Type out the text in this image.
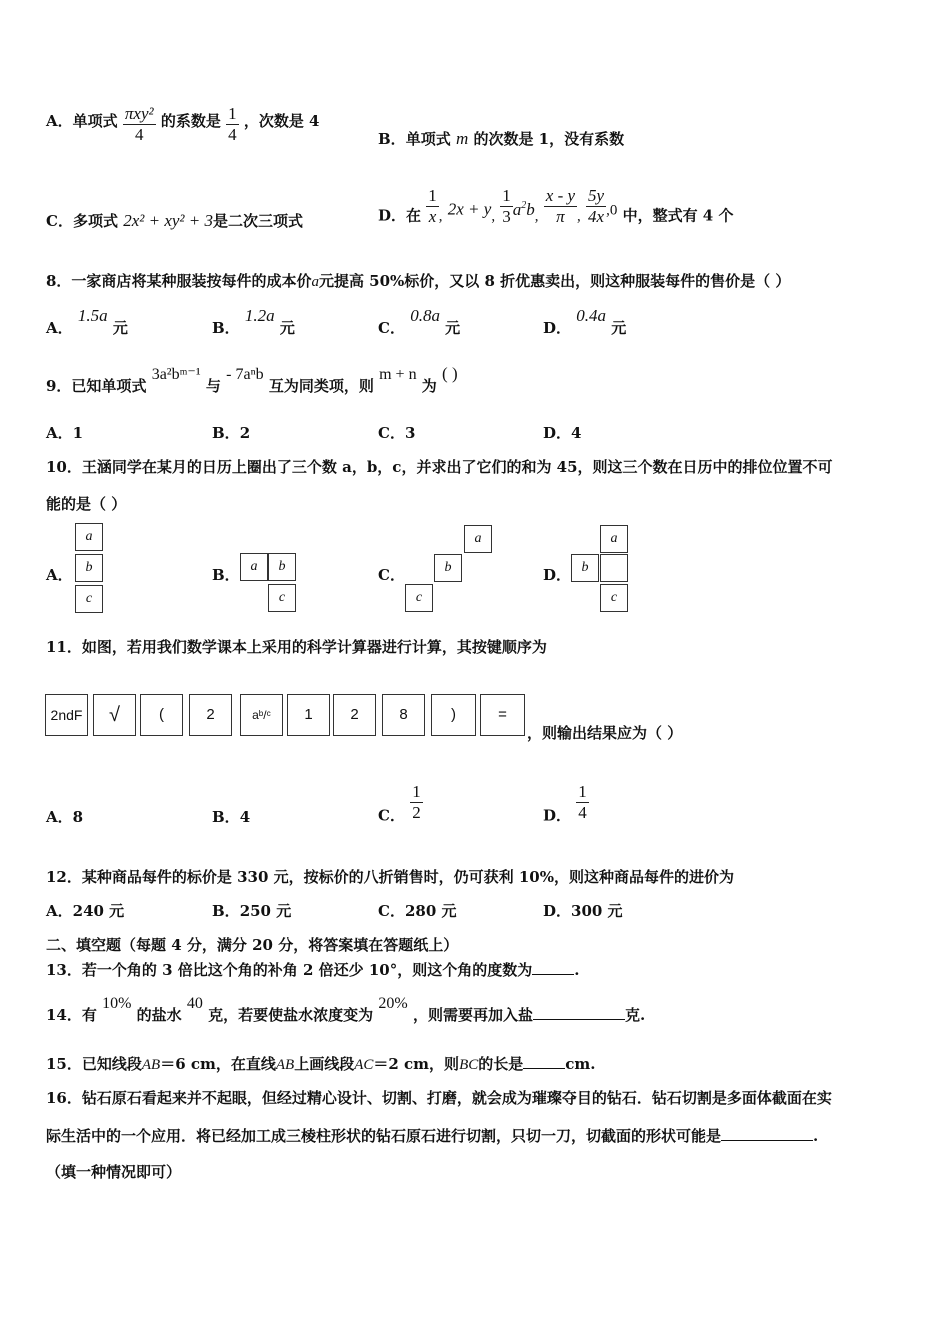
A．单项式 $\frac{\text{πxy²}}{4}$ 的系数是 $\frac{1}{4}$ ，次数是 4
B．单项式 m 的次数是 1，没有系数
C．多项式 2x² + xy² + 3是二次三项式	D．在 $\frac{1}{x}$ , 2x + y, $\frac{1}{3} a^2b$, $\frac{x - y}{\pi}$ , $\frac{5y}{4x} ,0$ 中，整式有 4 个
8．一家商店将某种服装按每件的成本价a元提高 50%标价，又以 8 折优惠卖出，则这种服装每件的售价是（ ）
A． 1.5a 元	B． 1.2a 元	C． 0.8a 元	D． 0.4a 元
9．已知单项式 3a²bᵐ⁻¹ 与 - 7aⁿb 互为同类项，则 m + n 为 ( )
A．1	B．2	C．3	D．4
10．王涵同学在某月的日历上圈出了三个数 a，b，c，并求出了它们的和为 45，则这三个数在日历中的排位位置不可
能的是（ ）
A．
a
b
c
B． a	b
c
C．
a
b
c
D．
a
b
c
11．如图，若用我们数学课本上采用的科学计算器进行计算，其按键顺序为
2ndF	√	(	2	aᵇ/ᶜ	1	2	8	)	=
，则输出结果应为（ ）
A．8	B．4	C． $\frac{1}{2}$	D． $\frac{1}{4}$
12．某种商品每件的标价是 330 元，按标价的八折销售时，仍可获利 10%，则这种商品每件的进价为
A．240 元	B．250 元	C．280 元	D．300 元
二、填空题（每题 4 分，满分 20 分，将答案填在答题纸上）
13．若一个角的 3 倍比这个角的补角 2 倍还少 10°，则这个角的度数为	.
14．有 10% 的盐水 40 克，若要使盐水浓度变为 20% ，则需要再加入盐	克.
15．已知线段AB＝6 cm，在直线AB上画线段AC＝2 cm，则BC的长是	cm.
16．钻石原石看起来并不起眼，但经过精心设计、切割、打磨，就会成为璀璨夺目的钻石．钻石切割是多面体截面在实
际生活中的一个应用．将已经加工成三棱柱形状的钻石原石进行切割，只切一刀，切截面的形状可能是	.
（填一种情况即可）
